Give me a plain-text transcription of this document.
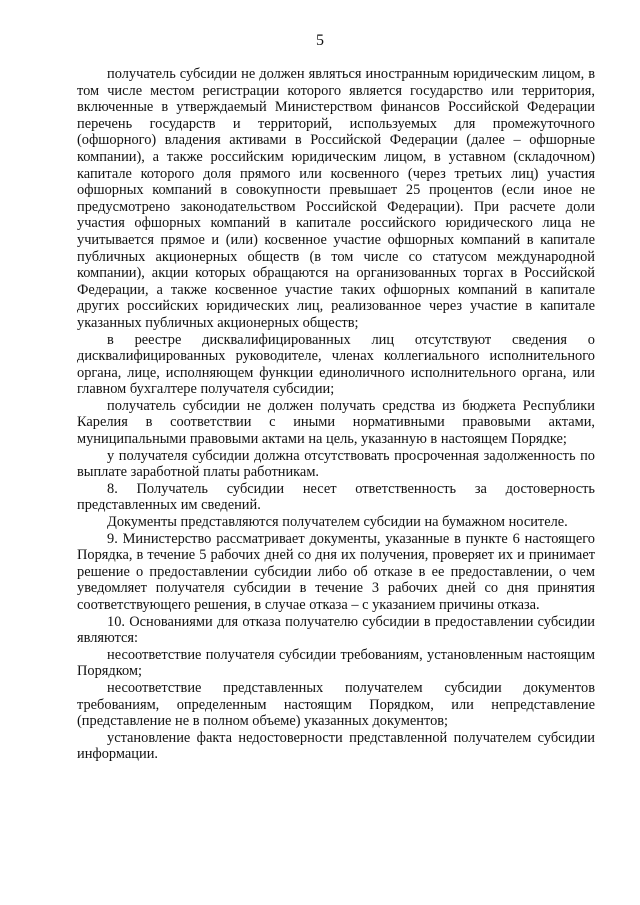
5

получатель субсидии не должен являться иностранным юридическим лицом, в том числе местом регистрации которого является государство или территория, включенные в утверждаемый Министерством финансов Российской Федерации перечень государств и территорий, используемых для промежуточного (офшорного) владения активами в Российской Федерации (далее – офшорные компании), а также российским юридическим лицом, в уставном (складочном) капитале которого доля прямого или косвенного (через третьих лиц) участия офшорных компаний в совокупности превышает 25 процентов (если иное не предусмотрено законодательством Российской Федерации). При расчете доли участия офшорных компаний в капитале российского юридического лица не учитывается прямое и (или) косвенное участие офшорных компаний в капитале публичных акционерных обществ (в том числе со статусом международной компании), акции которых обращаются на организованных торгах в Российской Федерации, а также косвенное участие таких офшорных компаний в капитале других российских юридических лиц, реализованное через участие в капитале указанных публичных акционерных обществ;

в реестре дисквалифицированных лиц отсутствуют сведения о дисквалифицированных руководителе, членах коллегиального исполнительного органа, лице, исполняющем функции единоличного исполнительного органа, или главном бухгалтере получателя субсидии;

получатель субсидии не должен получать средства из бюджета Республики Карелия в соответствии с иными нормативными правовыми актами, муниципальными правовыми актами на цель, указанную в настоящем Порядке;

у получателя субсидии должна отсутствовать просроченная задолженность по выплате заработной платы работникам.

8. Получатель субсидии несет ответственность за достоверность представленных им сведений.

Документы представляются получателем субсидии на бумажном носителе.

9. Министерство рассматривает документы, указанные в пункте 6 настоящего Порядка, в течение 5 рабочих дней со дня их получения, проверяет их и принимает решение о предоставлении субсидии либо об отказе в ее предоставлении, о чем уведомляет получателя субсидии в течение 3 рабочих дней со дня принятия соответствующего решения, в случае отказа – с указанием причины отказа.

10. Основаниями для отказа получателю субсидии в предоставлении субсидии являются:

несоответствие получателя субсидии требованиям, установленным настоящим Порядком;

несоответствие представленных получателем субсидии документов требованиям, определенным настоящим Порядком, или непредставление (представление не в полном объеме) указанных документов;

установление факта недостоверности представленной получателем субсидии информации.
